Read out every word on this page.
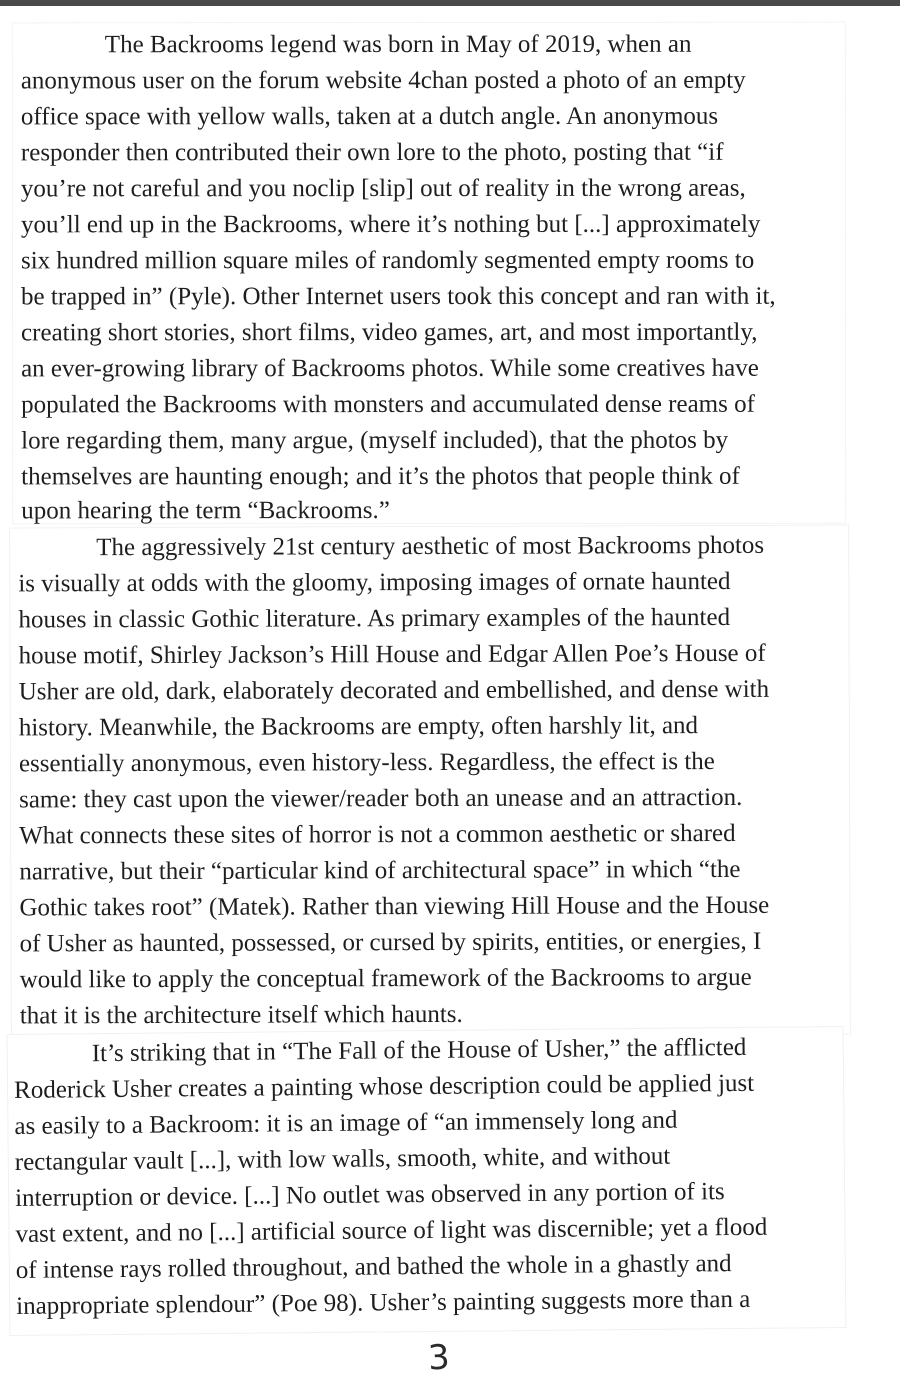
The Backrooms legend was born in May of 2019, when an
anonymous user on the forum website 4chan posted a photo of an empty
office space with yellow walls, taken at a dutch angle. An anonymous
responder then contributed their own lore to the photo, posting that “if
you’re not careful and you noclip [slip] out of reality in the wrong areas,
you’ll end up in the Backrooms, where it’s nothing but [...] approximately
six hundred million square miles of randomly segmented empty rooms to
be trapped in” (Pyle). Other Internet users took this concept and ran with it,
creating short stories, short films, video games, art, and most importantly,
an ever-growing library of Backrooms photos. While some creatives have
populated the Backrooms with monsters and accumulated dense reams of
lore regarding them, many argue, (myself included), that the photos by
themselves are haunting enough; and it’s the photos that people think of
upon hearing the term “Backrooms.”
The aggressively 21st century aesthetic of most Backrooms photos
is visually at odds with the gloomy, imposing images of ornate haunted
houses in classic Gothic literature. As primary examples of the haunted
house motif, Shirley Jackson’s Hill House and Edgar Allen Poe’s House of
Usher are old, dark, elaborately decorated and embellished, and dense with
history. Meanwhile, the Backrooms are empty, often harshly lit, and
essentially anonymous, even history-less. Regardless, the effect is the
same: they cast upon the viewer/reader both an unease and an attraction.
What connects these sites of horror is not a common aesthetic or shared
narrative, but their “particular kind of architectural space” in which “the
Gothic takes root” (Matek). Rather than viewing Hill House and the House
of Usher as haunted, possessed, or cursed by spirits, entities, or energies, I
would like to apply the conceptual framework of the Backrooms to argue
that it is the architecture itself which haunts.
It’s striking that in “The Fall of the House of Usher,” the afflicted
Roderick Usher creates a painting whose description could be applied just
as easily to a Backroom: it is an image of “an immensely long and
rectangular vault [...], with low walls, smooth, white, and without
interruption or device. [...] No outlet was observed in any portion of its
vast extent, and no [...] artificial source of light was discernible; yet a flood
of intense rays rolled throughout, and bathed the whole in a ghastly and
inappropriate splendour” (Poe 98). Usher’s painting suggests more than a
3
